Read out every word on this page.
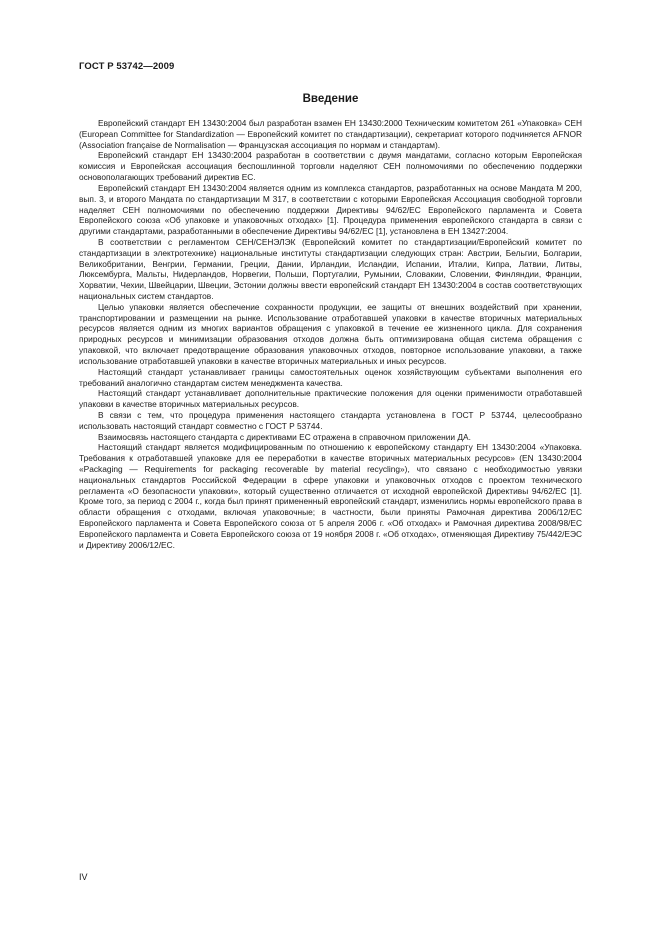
ГОСТ Р 53742—2009
Введение

Европейский стандарт ЕН 13430:2004 был разработан взамен ЕН 13430:2000 Техническим комитетом 261 «Упаковка» СЕН (European Committee for Standardization — Европейский комитет по стандартизации), секретариат которого подчиняется AFNOR (Association française de Normalisation — Французская ассоциация по нормам и стандартам).

Европейский стандарт ЕН 13430:2004 разработан в соответствии с двумя мандатами, согласно которым Европейская комиссия и Европейская ассоциация беспошлинной торговли наделяют СЕН полномочиями по обеспечению поддержки основополагающих требований директив ЕС.

Европейский стандарт ЕН 13430:2004 является одним из комплекса стандартов, разработанных на основе Мандата М 200, вып. 3, и второго Мандата по стандартизации М 317, в соответствии с которыми Европейская Ассоциация свободной торговли наделяет СЕН полномочиями по обеспечению поддержки Директивы 94/62/ЕС Европейского парламента и Совета Европейского союза «Об упаковке и упаковочных отходах» [1]. Процедура применения европейского стандарта в связи с другими стандартами, разработанными в обеспечение Директивы 94/62/ЕС [1], установлена в ЕН 13427:2004.

В соответствии с регламентом СЕН/СЕНЭЛЭК (Европейский комитет по стандартизации/Европейский комитет по стандартизации в электротехнике) национальные институты стандартизации следующих стран: Австрии, Бельгии, Болгарии, Великобритании, Венгрии, Германии, Греции, Дании, Ирландии, Исландии, Испании, Италии, Кипра, Латвии, Литвы, Люксембурга, Мальты, Нидерландов, Норвегии, Польши, Португалии, Румынии, Словакии, Словении, Финляндии, Франции, Хорватии, Чехии, Швейцарии, Швеции, Эстонии должны ввести европейский стандарт ЕН 13430:2004 в состав соответствующих национальных систем стандартов.

Целью упаковки является обеспечение сохранности продукции, ее защиты от внешних воздействий при хранении, транспортировании и размещении на рынке. Использование отработавшей упаковки в качестве вторичных материальных ресурсов является одним из многих вариантов обращения с упаковкой в течение ее жизненного цикла. Для сохранения природных ресурсов и минимизации образования отходов должна быть оптимизирована общая система обращения с упаковкой, что включает предотвращение образования упаковочных отходов, повторное использование упаковки, а также использование отработавшей упаковки в качестве вторичных материальных и иных ресурсов.

Настоящий стандарт устанавливает границы самостоятельных оценок хозяйствующим субъектами выполнения его требований аналогично стандартам систем менеджмента качества.

Настоящий стандарт устанавливает дополнительные практические положения для оценки применимости отработавшей упаковки в качестве вторичных материальных ресурсов.

В связи с тем, что процедура применения настоящего стандарта установлена в ГОСТ Р 53744, целесообразно использовать настоящий стандарт совместно с ГОСТ Р 53744.

Взаимосвязь настоящего стандарта с директивами ЕС отражена в справочном приложении ДА.

Настоящий стандарт является модифицированным по отношению к европейскому стандарту ЕН 13430:2004 «Упаковка. Требования к отработавшей упаковке для ее переработки в качестве вторичных материальных ресурсов» (EN 13430:2004 «Packaging — Requirements for packaging recoverable by material recycling»), что связано с необходимостью увязки национальных стандартов Российской Федерации в сфере упаковки и упаковочных отходов с проектом технического регламента «О безопасности упаковки», который существенно отличается от исходной европейской Директивы 94/62/ЕС [1]. Кроме того, за период с 2004 г., когда был принят примененный европейский стандарт, изменились нормы европейского права в области обращения с отходами, включая упаковочные; в частности, были приняты Рамочная директива 2006/12/ЕС Европейского парламента и Совета Европейского союза от 5 апреля 2006 г. «Об отходах» и Рамочная директива 2008/98/ЕС Европейского парламента и Совета Европейского союза от 19 ноября 2008 г. «Об отходах», отменяющая Директиву 75/442/ЕЭС и Директиву 2006/12/ЕС.

IV
